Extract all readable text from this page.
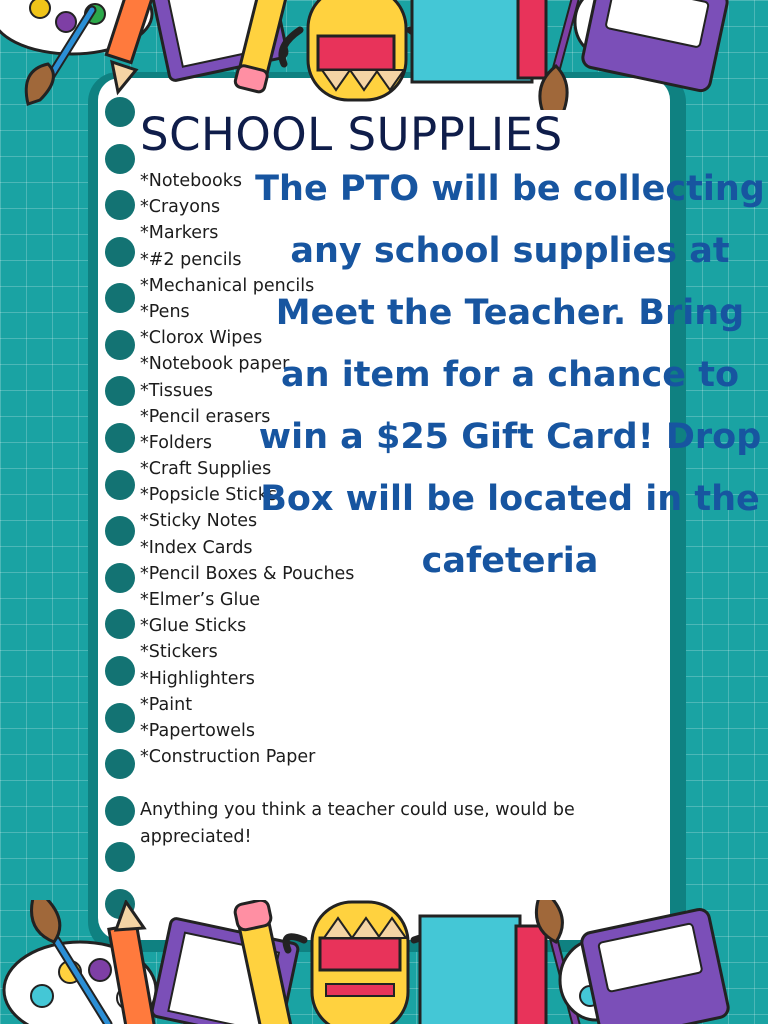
SCHOOL SUPPLIES
*Notebooks
*Crayons
*Markers
*#2 pencils
*Mechanical pencils
*Pens
*Clorox Wipes
*Notebook paper
*Tissues
*Pencil erasers
*Folders
*Craft Supplies
*Popsicle Sticks
*Sticky Notes
*Index Cards
*Pencil Boxes & Pouches
*Elmer’s Glue
*Glue Sticks
*Stickers
*Highlighters
*Paint
*Papertowels
*Construction Paper

Anything you think a teacher could use, would be appreciated!

The PTO will be collecting any school supplies at Meet the Teacher. Bring an item for a chance to win a $25 Gift Card! Drop Box will be located in the cafeteria
